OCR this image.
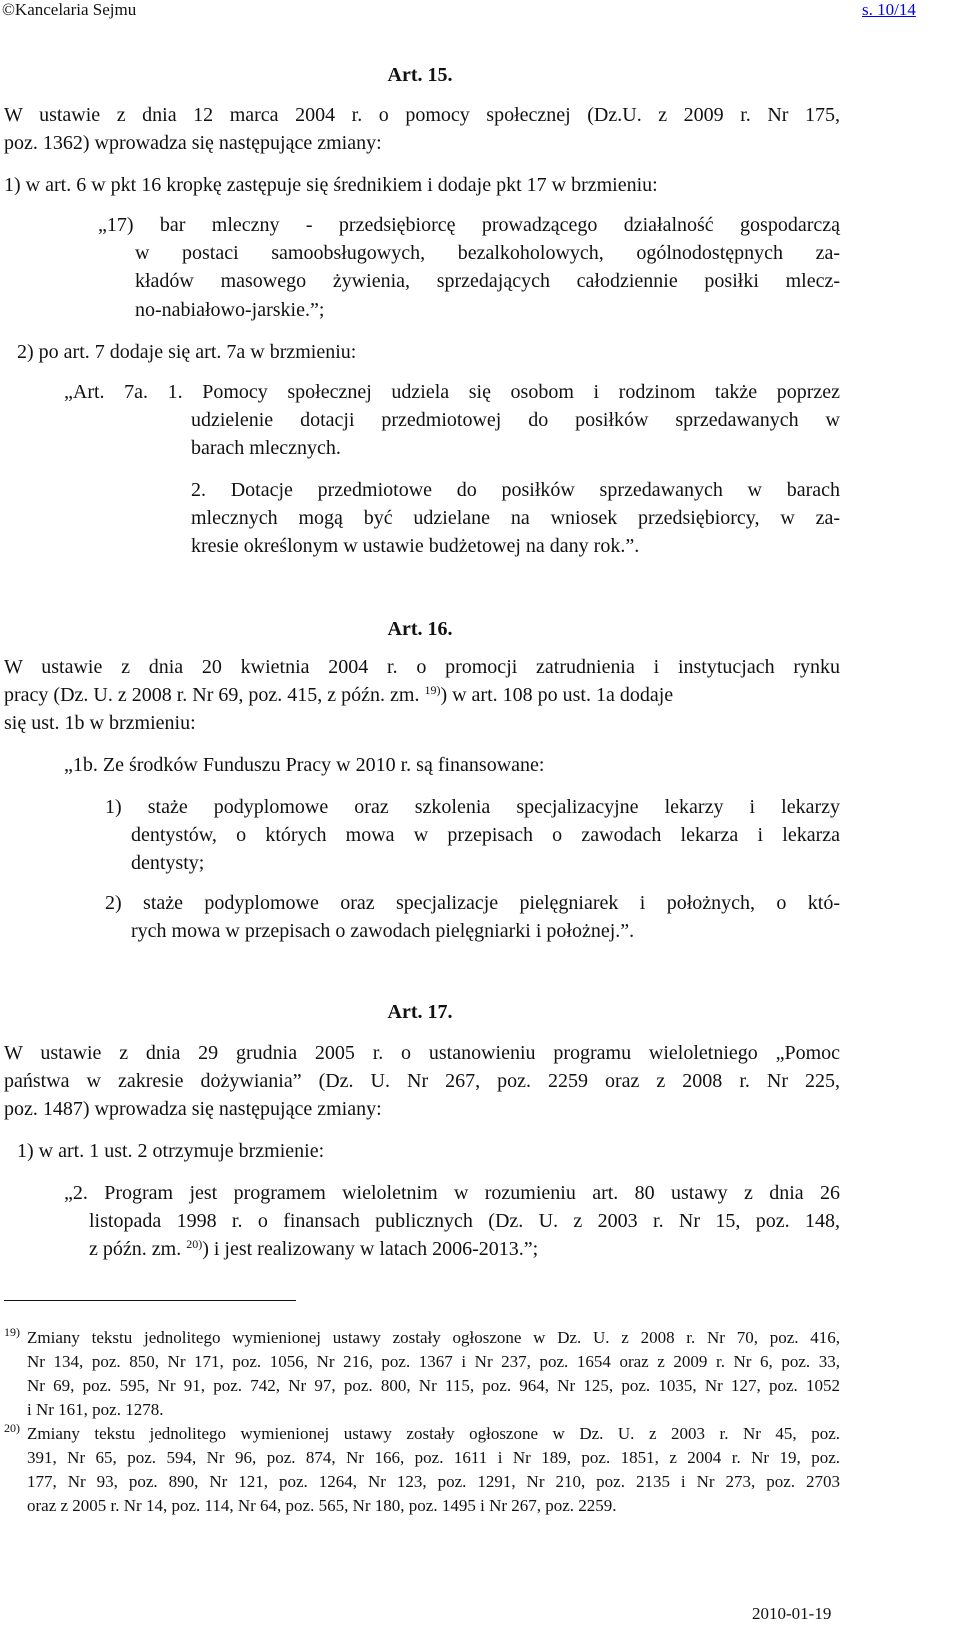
©Kancelaria Sejmu	s. 10/14
Art. 15.
W ustawie z dnia 12 marca 2004 r. o pomocy społecznej (Dz.U. z 2009 r. Nr 175,
poz. 1362) wprowadza się następujące zmiany:
1) w art. 6 w pkt 16 kropkę zastępuje się średnikiem i dodaje pkt 17 w brzmieniu:
„17) bar mleczny - przedsiębiorcę prowadzącego działalność gospodarczą
w postaci samoobsługowych, bezalkoholowych, ogólnodostępnych za-
kładów masowego żywienia, sprzedających całodziennie posiłki mlecz-
no-nabiałowo-jarskie.”;
2) po art. 7 dodaje się art. 7a w brzmieniu:
„Art. 7a. 1. Pomocy społecznej udziela się osobom i rodzinom także poprzez
udzielenie dotacji przedmiotowej do posiłków sprzedawanych w
barach mlecznych.
2. Dotacje przedmiotowe do posiłków sprzedawanych w barach
mlecznych mogą być udzielane na wniosek przedsiębiorcy, w za-
kresie określonym w ustawie budżetowej na dany rok.”.
Art. 16.
W ustawie z dnia 20 kwietnia 2004 r. o promocji zatrudnienia i instytucjach rynku
pracy (Dz. U. z 2008 r. Nr 69, poz. 415, z późn. zm. $^{19)}$) w art. 108 po ust. 1a dodaje
się ust. 1b w brzmieniu:
„1b. Ze środków Funduszu Pracy w 2010 r. są finansowane:
1) staże podyplomowe oraz szkolenia specjalizacyjne lekarzy i lekarzy
dentystów, o których mowa w przepisach o zawodach lekarza i lekarza
dentysty;
2) staże podyplomowe oraz specjalizacje pielęgniarek i położnych, o któ-
rych mowa w przepisach o zawodach pielęgniarki i położnej.”.
Art. 17.
W ustawie z dnia 29 grudnia 2005 r. o ustanowieniu programu wieloletniego „Pomoc
państwa w zakresie dożywiania” (Dz. U. Nr 267, poz. 2259 oraz z 2008 r. Nr 225,
poz. 1487) wprowadza się następujące zmiany:
1) w art. 1 ust. 2 otrzymuje brzmienie:
„2. Program jest programem wieloletnim w rozumieniu art. 80 ustawy z dnia 26
listopada 1998 r. o finansach publicznych (Dz. U. z 2003 r. Nr 15, poz. 148,
z późn. zm. $^{20)}$) i jest realizowany w latach 2006-2013.”;
19) Zmiany tekstu jednolitego wymienionej ustawy zostały ogłoszone w Dz. U. z 2008 r. Nr 70, poz. 416,
Nr 134, poz. 850, Nr 171, poz. 1056, Nr 216, poz. 1367 i Nr 237, poz. 1654 oraz z 2009 r. Nr 6, poz. 33,
Nr 69, poz. 595, Nr 91, poz. 742, Nr 97, poz. 800, Nr 115, poz. 964, Nr 125, poz. 1035, Nr 127, poz. 1052
i Nr 161, poz. 1278.
20) Zmiany tekstu jednolitego wymienionej ustawy zostały ogłoszone w Dz. U. z 2003 r. Nr 45, poz.
391, Nr 65, poz. 594, Nr 96, poz. 874, Nr 166, poz. 1611 i Nr 189, poz. 1851, z 2004 r. Nr 19, poz.
177, Nr 93, poz. 890, Nr 121, poz. 1264, Nr 123, poz. 1291, Nr 210, poz. 2135 i Nr 273, poz. 2703
oraz z 2005 r. Nr 14, poz. 114, Nr 64, poz. 565, Nr 180, poz. 1495 i Nr 267, poz. 2259.
2010-01-19
